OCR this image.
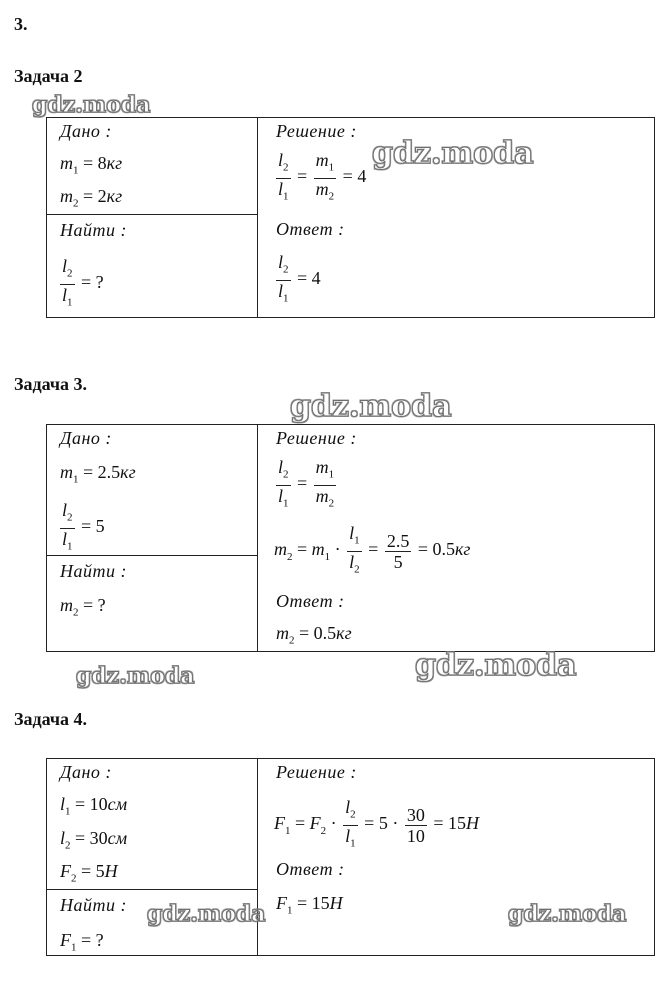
3.
Задача 2
Дано :
$m_1 = 8кг$
$m_2 = 2кг$
Найти :
$\frac{l_2}{l_1}$ = ?
Решение :
$\frac{l_2}{l_1} = \frac{m_1}{m_2} = 4$
Ответ :
$\frac{l_2}{l_1} = 4$
Задача 3.
Дано :
$m_1 = 2.5кг$
$\frac{l_2}{l_1} = 5$
Найти :
$m_2$ = ?
Решение :
$\frac{l_2}{l_1} = \frac{m_1}{m_2}$
$m_2 = m_1 \cdot \frac{l_1}{l_2} = \frac{2.5}{5} = 0.5кг$
Ответ :
$m_2 = 0.5кг$
Задача 4.
Дано :
$l_1 = 10см$
$l_2 = 30см$
$F_2 = 5Н$
Найти :
$F_1$ = ?
Решение :
$F_1 = F_2 \cdot \frac{l_2}{l_1} = 5 \cdot \frac{30}{10} = 15Н$
Ответ :
$F_1 = 15Н$
gdz.moda
gdz.moda
gdz.moda
gdz.moda
gdz.moda
gdz.moda	gdz.moda
